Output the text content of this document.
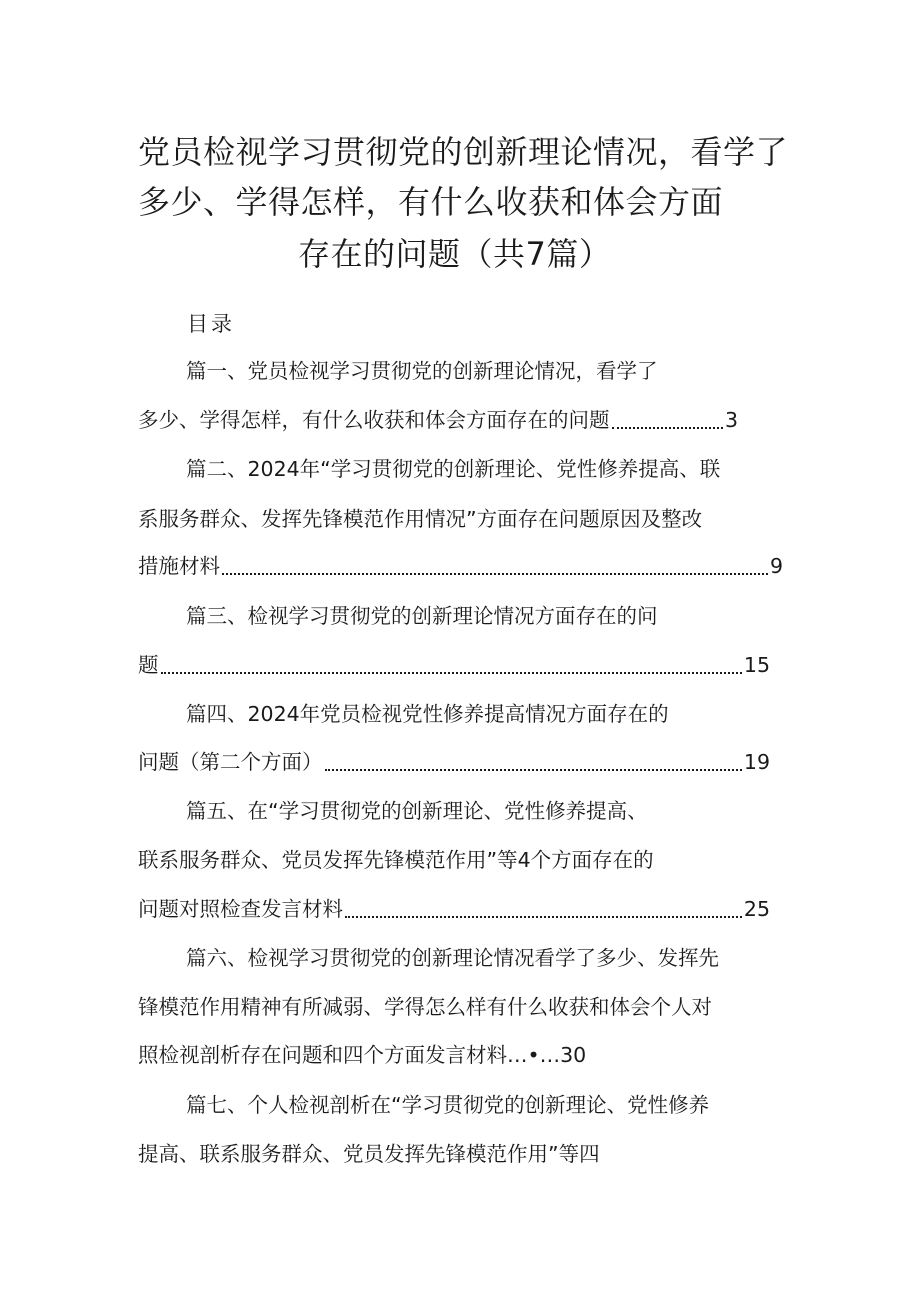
党员检视学习贯彻党的创新理论情况，看学了
多少、学得怎样，有什么收获和体会方面
存在的问题（共7篇）
目录
篇一、党员检视学习贯彻党的创新理论情况，看学了
多少、学得怎样，有什么收获和体会方面存在的问题	3
篇二、2024年“学习贯彻党的创新理论、党性修养提高、联
系服务群众、发挥先锋模范作用情况”方面存在问题原因及整改
措施材料	9
篇三、检视学习贯彻党的创新理论情况方面存在的问
题	15
篇四、2024年党员检视党性修养提高情况方面存在的
问题（第二个方面）	19
篇五、在“学习贯彻党的创新理论、党性修养提高、
联系服务群众、党员发挥先锋模范作用”等4个方面存在的
问题对照检查发言材料	25
篇六、检视学习贯彻党的创新理论情况看学了多少、发挥先
锋模范作用精神有所减弱、学得怎么样有什么收获和体会个人对
照检视剖析存在问题和四个方面发言材料…•… 30
篇七、个人检视剖析在“学习贯彻党的创新理论、党性修养
提高、联系服务群众、党员发挥先锋模范作用”等四
